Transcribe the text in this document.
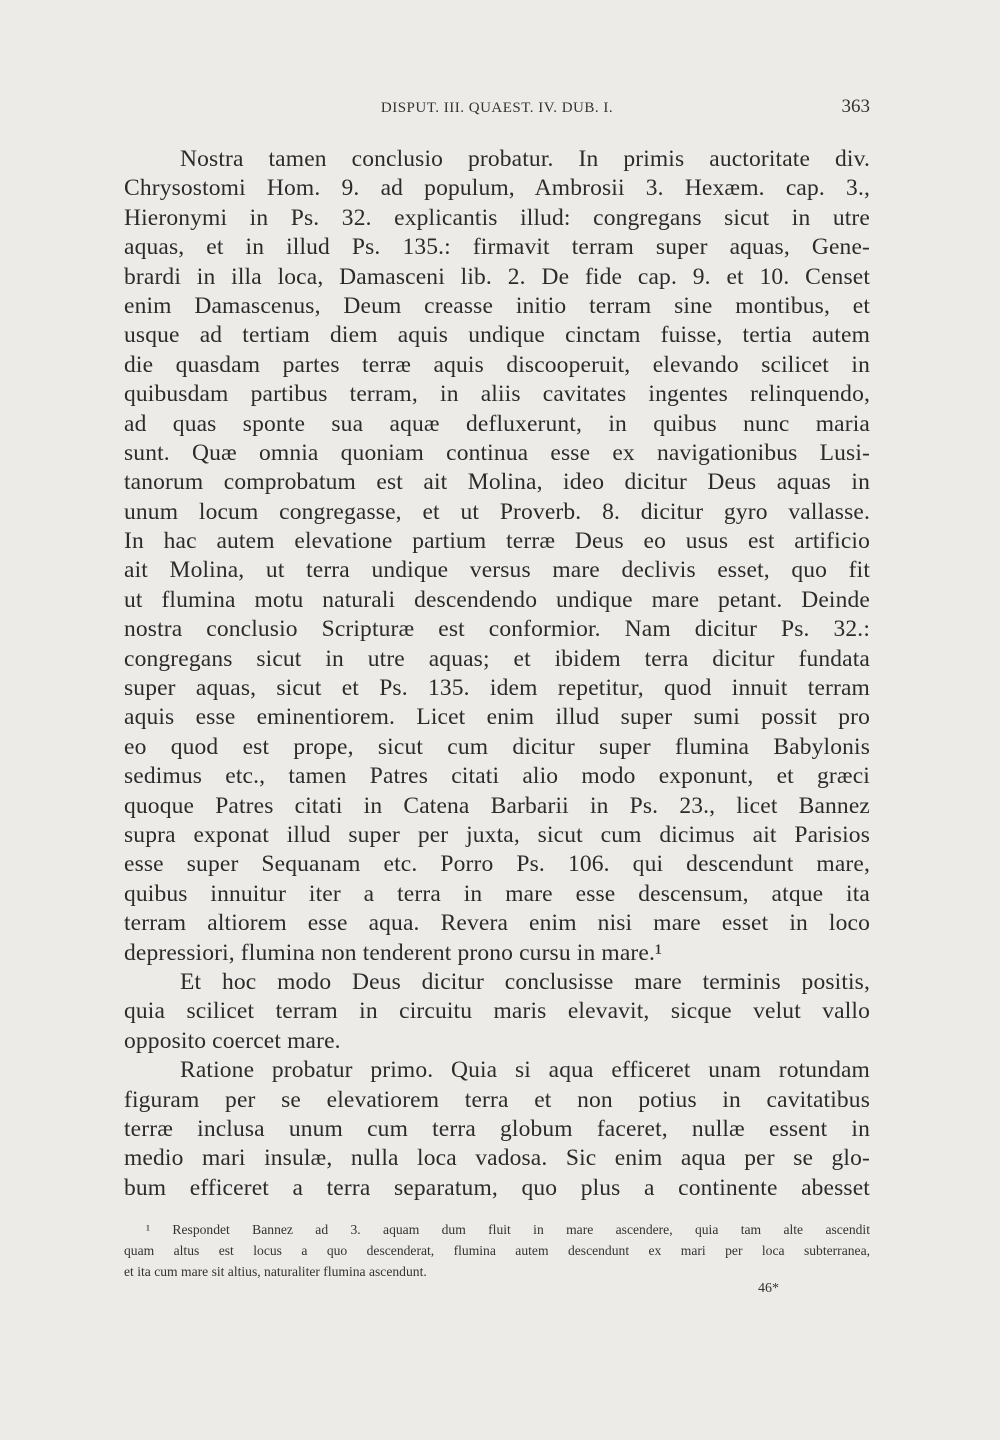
DISPUT. III. QUAEST. IV. DUB. I.	363
Nostra tamen conclusio probatur. In primis auctoritate div.
Chrysostomi Hom. 9. ad populum, Ambrosii 3. Hexæm. cap. 3.,
Hieronymi in Ps. 32. explicantis illud: congregans sicut in utre
aquas, et in illud Ps. 135.: firmavit terram super aquas, Gene-
brardi in illa loca, Damasceni lib. 2. De fide cap. 9. et 10. Censet
enim Damascenus, Deum creasse initio terram sine montibus, et
usque ad tertiam diem aquis undique cinctam fuisse, tertia autem
die quasdam partes terræ aquis discooperuit, elevando scilicet in
quibusdam partibus terram, in aliis cavitates ingentes relinquendo,
ad quas sponte sua aquæ defluxerunt, in quibus nunc maria
sunt. Quæ omnia quoniam continua esse ex navigationibus Lusi-
tanorum comprobatum est ait Molina, ideo dicitur Deus aquas in
unum locum congregasse, et ut Proverb. 8. dicitur gyro vallasse.
In hac autem elevatione partium terræ Deus eo usus est artificio
ait Molina, ut terra undique versus mare declivis esset, quo fit
ut flumina motu naturali descendendo undique mare petant. Deinde
nostra conclusio Scripturæ est conformior. Nam dicitur Ps. 32.:
congregans sicut in utre aquas; et ibidem terra dicitur fundata
super aquas, sicut et Ps. 135. idem repetitur, quod innuit terram
aquis esse eminentiorem. Licet enim illud super sumi possit pro
eo quod est prope, sicut cum dicitur super flumina Babylonis
sedimus etc., tamen Patres citati alio modo exponunt, et græci
quoque Patres citati in Catena Barbarii in Ps. 23., licet Bannez
supra exponat illud super per juxta, sicut cum dicimus ait Parisios
esse super Sequanam etc. Porro Ps. 106. qui descendunt mare,
quibus innuitur iter a terra in mare esse descensum, atque ita
terram altiorem esse aqua. Revera enim nisi mare esset in loco
depressiori, flumina non tenderent prono cursu in mare.¹
Et hoc modo Deus dicitur conclusisse mare terminis positis,
quia scilicet terram in circuitu maris elevavit, sicque velut vallo
opposito coercet mare.
Ratione probatur primo. Quia si aqua efficeret unam rotundam
figuram per se elevatiorem terra et non potius in cavitatibus
terræ inclusa unum cum terra globum faceret, nullæ essent in
medio mari insulæ, nulla loca vadosa. Sic enim aqua per se glo-
bum efficeret a terra separatum, quo plus a continente abesset
¹ Respondet Bannez ad 3. aquam dum fluit in mare ascendere, quia tam alte ascendit
quam altus est locus a quo descenderat, flumina autem descendunt ex mari per loca subterranea,
et ita cum mare sit altius, naturaliter flumina ascendunt.
46*
